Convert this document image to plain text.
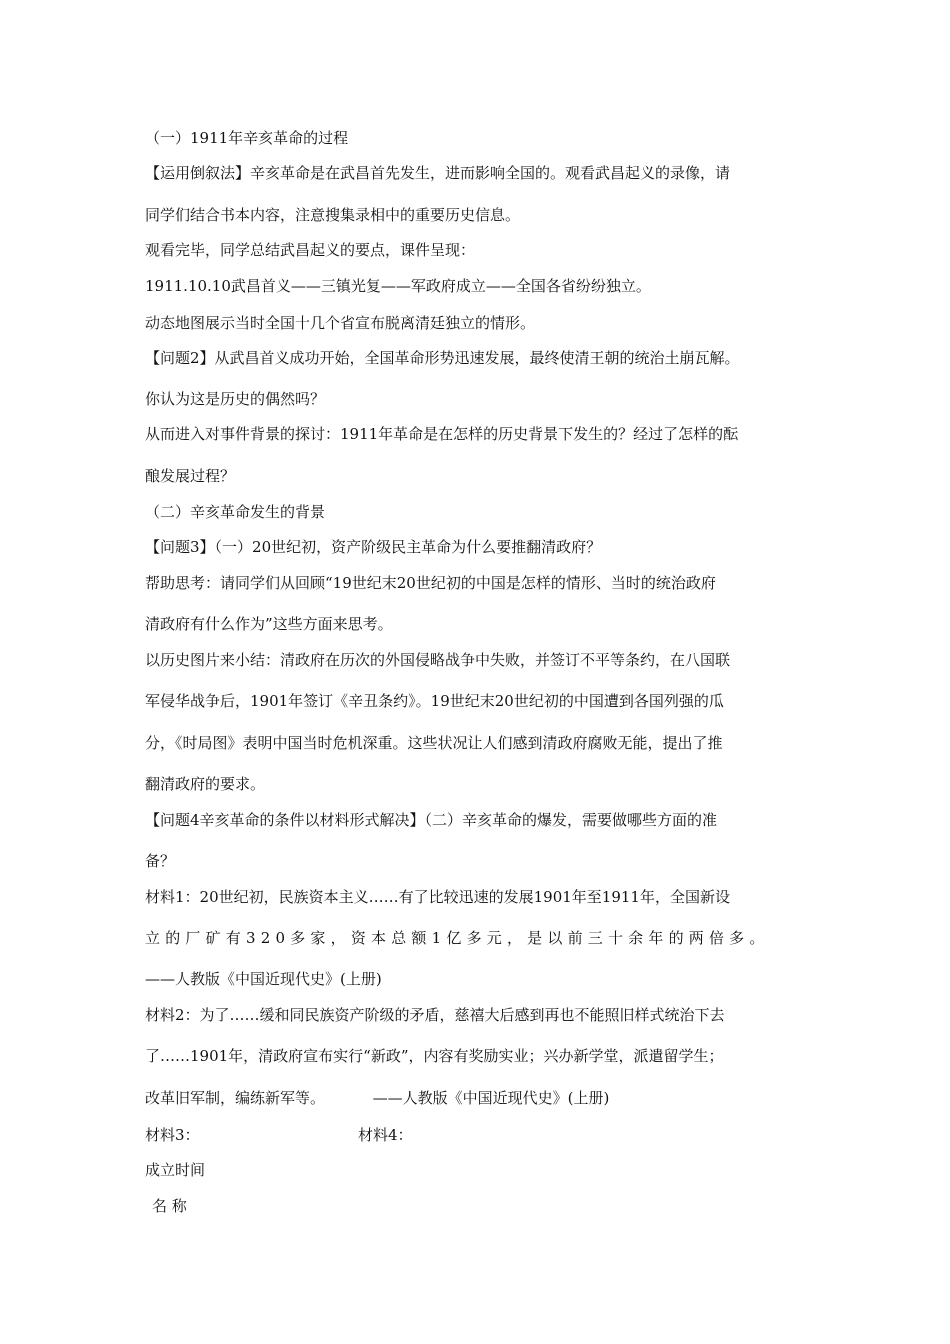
（一）1911年辛亥革命的过程
【运用倒叙法】辛亥革命是在武昌首先发生，进而影响全国的。观看武昌起义的录像，请
同学们结合书本内容，注意搜集录相中的重要历史信息。
观看完毕，同学总结武昌起义的要点，课件呈现：
1911.10.10武昌首义——三镇光复——军政府成立——全国各省纷纷独立。
动态地图展示当时全国十几个省宣布脱离清廷独立的情形。
【问题2】从武昌首义成功开始，全国革命形势迅速发展，最终使清王朝的统治土崩瓦解。
你认为这是历史的偶然吗？
从而进入对事件背景的探讨：1911年革命是在怎样的历史背景下发生的？经过了怎样的酝
酿发展过程？
（二）辛亥革命发生的背景
【问题3】（一）20世纪初，资产阶级民主革命为什么要推翻清政府？
帮助思考：请同学们从回顾“19世纪末20世纪初的中国是怎样的情形、当时的统治政府
清政府有什么作为”这些方面来思考。
以历史图片来小结：清政府在历次的外国侵略战争中失败，并签订不平等条约，在八国联
军侵华战争后，1901年签订《辛丑条约》。19世纪末20世纪初的中国遭到各国列强的瓜
分，《时局图》表明中国当时危机深重。这些状况让人们感到清政府腐败无能，提出了推
翻清政府的要求。
【问题4辛亥革命的条件以材料形式解决】（二）辛亥革命的爆发，需要做哪些方面的准
备？
材料1：20世纪初，民族资本主义……有了比较迅速的发展1901年至1911年，全国新设
立的厂矿有320多家，资本总额1亿多元，是以前三十余年的两倍多。
——人教版《中国近现代史》(上册)
材料2：为了……缓和同民族资产阶级的矛盾，慈禧大后感到再也不能照旧样式统治下去
了……1901年，清政府宣布实行“新政”，内容有奖励实业；兴办新学堂，派遣留学生；
改革旧军制，编练新军等。          ——人教版《中国近现代史》(上册)
材料3：	材料4：
成立时间
名 称
